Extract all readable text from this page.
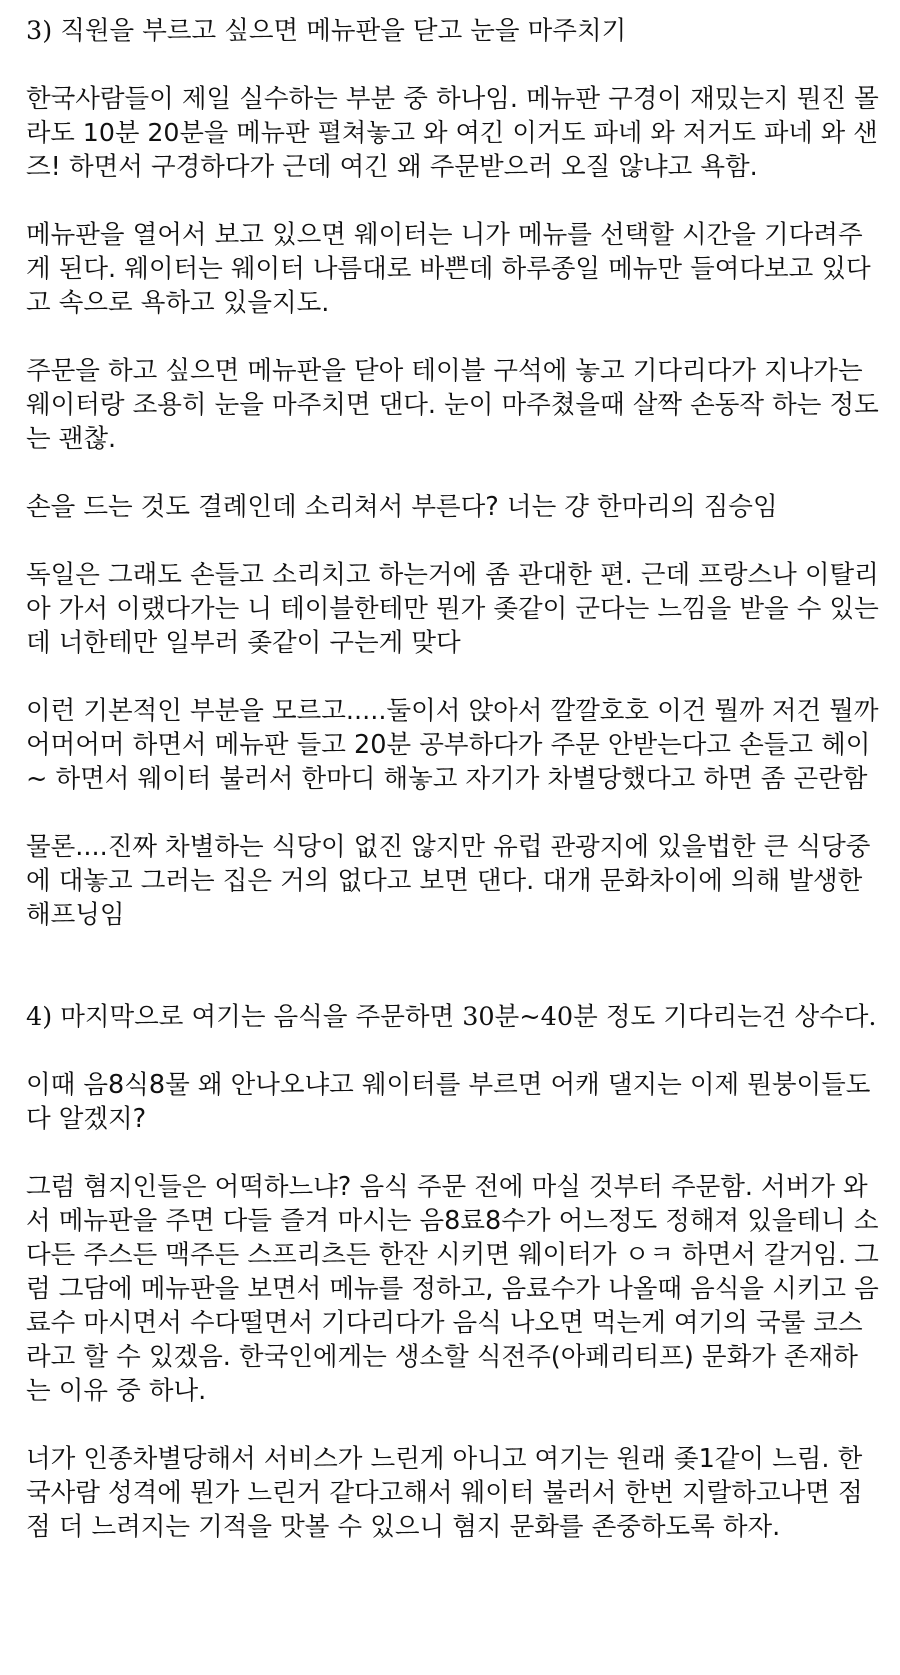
3) 직원을 부르고 싶으면 메뉴판을 닫고 눈을 마주치기
한국사람들이 제일 실수하는 부분 중 하나임. 메뉴판 구경이 재밌는지 뭔진 몰
라도 10분 20분을 메뉴판 펼쳐놓고 와 여긴 이거도 파네 와 저거도 파네 와 샌
즈! 하면서 구경하다가 근데 여긴 왜 주문받으러 오질 않냐고 욕함.
메뉴판을 열어서 보고 있으면 웨이터는 니가 메뉴를 선택할 시간을 기다려주
게 된다. 웨이터는 웨이터 나름대로 바쁜데 하루종일 메뉴만 들여다보고 있다
고 속으로 욕하고 있을지도.
주문을 하고 싶으면 메뉴판을 닫아 테이블 구석에 놓고 기다리다가 지나가는
웨이터랑 조용히 눈을 마주치면 댄다. 눈이 마주쳤을때 살짝 손동작 하는 정도
는 괜찮.
손을 드는 것도 결례인데 소리쳐서 부른다? 너는 걍 한마리의 짐승임
독일은 그래도 손들고 소리치고 하는거에 좀 관대한 편. 근데 프랑스나 이탈리
아 가서 이랬다가는 니 테이블한테만 뭔가 좆같이 군다는 느낌을 받을 수 있는
데 너한테만 일부러 좆같이 구는게 맞다
이런 기본적인 부분을 모르고.....둘이서 앉아서 깔깔호호 이건 뭘까 저건 뭘까
어머어머 하면서 메뉴판 들고 20분 공부하다가 주문 안받는다고 손들고 헤이
~ 하면서 웨이터 불러서 한마디 해놓고 자기가 차별당했다고 하면 좀 곤란함
물론....진짜 차별하는 식당이 없진 않지만 유럽 관광지에 있을법한 큰 식당중
에 대놓고 그러는 집은 거의 없다고 보면 댄다. 대개 문화차이에 의해 발생한
해프닝임
4) 마지막으로 여기는 음식을 주문하면 30분~40분 정도 기다리는건 상수다.
이때 음8식8물 왜 안나오냐고 웨이터를 부르면 어캐 댈지는 이제 뭔붕이들도
다 알겠지?
그럼 혐지인들은 어떡하느냐? 음식 주문 전에 마실 것부터 주문함. 서버가 와
서 메뉴판을 주면 다들 즐겨 마시는 음8료8수가 어느정도 정해져 있을테니 소
다든 주스든 맥주든 스프리츠든 한잔 시키면 웨이터가 ㅇㅋ 하면서 갈거임. 그
럼 그담에 메뉴판을 보면서 메뉴를 정하고, 음료수가 나올때 음식을 시키고 음
료수 마시면서 수다떨면서 기다리다가 음식 나오면 먹는게 여기의 국룰 코스
라고 할 수 있겠음. 한국인에게는 생소할 식전주(아페리티프) 문화가 존재하
는 이유 중 하나.
너가 인종차별당해서 서비스가 느린게 아니고 여기는 원래 좆1같이 느림. 한
국사람 성격에 뭔가 느린거 같다고해서 웨이터 불러서 한번 지랄하고나면 점
점 더 느려지는 기적을 맛볼 수 있으니 혐지 문화를 존중하도록 하자.
